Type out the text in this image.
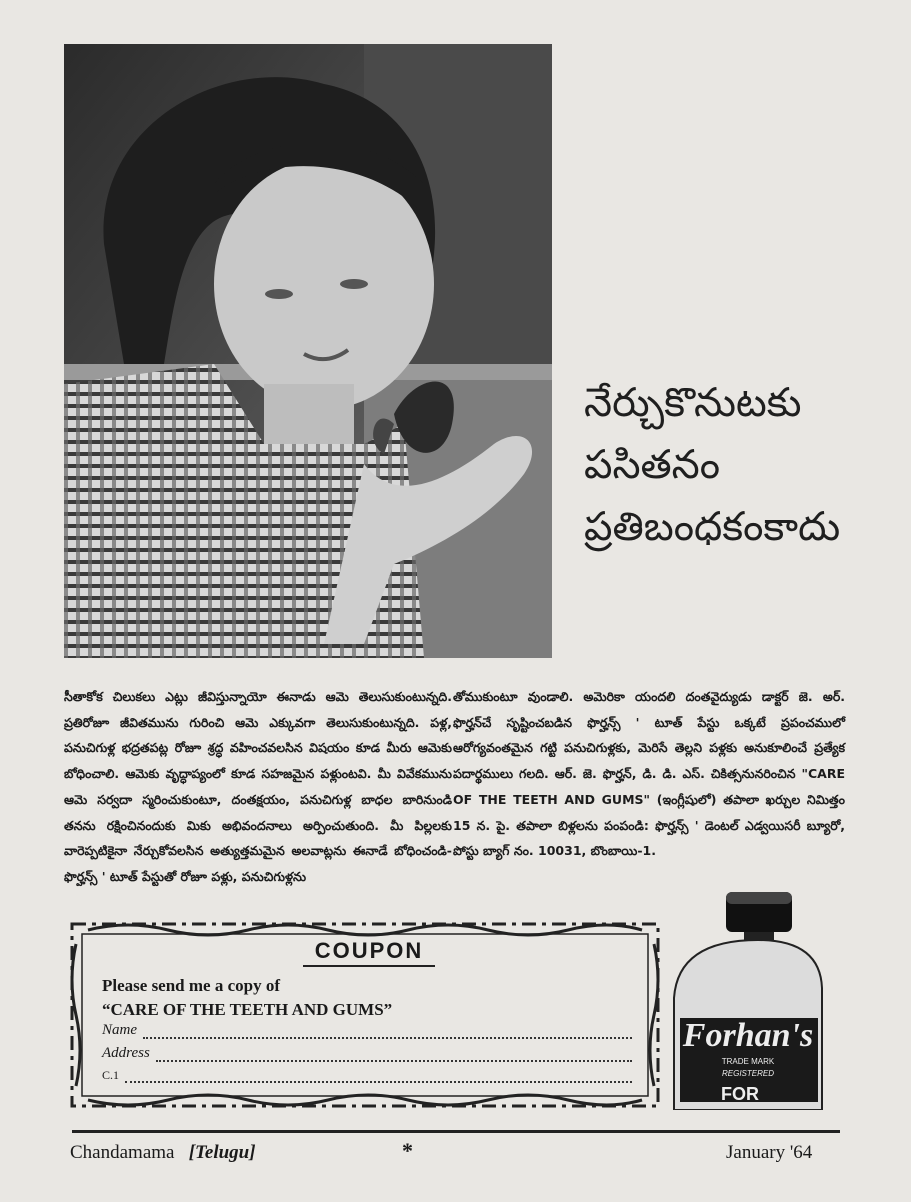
నేర్చుకొనుటకు
పసితనం
ప్రతిబంధకంకాదు
సీతాకోక చిలుకలు ఎట్లు జీవిస్తున్నాయో ఈనాడు ఆమె తెలుసుకుంటున్నది. ప్రతిరోజూ జీవితమును గురించి ఆమె ఎక్కువగా తెలుసుకుంటున్నది. పళ్ల, పనుచిగుళ్ల భద్రతపట్ల రోజూ శ్రద్ధ వహించవలసిన విషయం కూడ మీరు ఆమెకు బోధించాలి. ఆమెకు వృద్ధాప్యంలో కూడ సహజమైన పళ్లుంటవి. మీ వివేకమును ఆమె సర్వదా స్మరించుకుంటూ, దంతక్షయం, పనుచిగుళ్ల బాధల బారినుండి తనను రక్షించినందుకు మికు అభివందనాలు అర్పించుతుంది. మీ పిల్లలకు వారెప్పటికైనా నేర్చుకోవలసిన అత్యుత్తమమైన అలవాట్లను ఈనాడే బోధించండి- ఫొర్హన్స్ ' టూత్ పేస్టుతో రోజూ పళ్లు, పనుచిగుళ్లను
తోముకుంటూ వుండాలి. అమెరికా యందలి దంతవైద్యుడు డాక్టర్ జె. అర్. ఫొర్హన్‌చే సృష్టించబడిన ఫొర్హన్స్ ' టూత్ పేస్టు ఒక్కటే ప్రపంచములో ఆరోగ్యవంతమైన గట్టి పనుచిగుళ్లకు, మెరిసే తెల్లని పళ్లకు అనుకూలించే ప్రత్యేక పదార్థములు గలది. ఆర్. జె. ఫొర్హన్, డి. డి. ఎస్. చికిత్సనునరించిన "CARE OF THE TEETH AND GUMS" (ఇంగ్లీషులో) తపాలా ఖర్చుల నిమిత్తం 15 న. పై. తపాలా బిళ్లలను పంపండి: ఫొర్హన్స్ ' డెంటల్ ఎడ్వయిసరీ బ్యూరో, పోస్టు బ్యాగ్ నం. 10031, బొంబాయి-1.
COUPON
Please send me a copy of
“CARE OF THE TEETH AND GUMS”
Name
Address
C.1
Forhan's
TRADE MARK
REGISTERED
FOR
Chandamama [Telugu]	*	January '64
